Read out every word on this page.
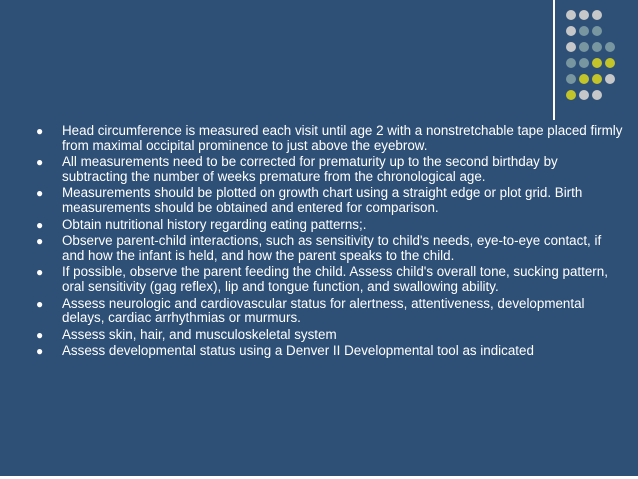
● Head circumference is measured each visit until age 2 with a nonstretchable tape placed firmly from maximal occipital prominence to just above the eyebrow.
● All measurements need to be corrected for prematurity up to the second birthday by subtracting the number of weeks premature from the chronological age.
● Measurements should be plotted on growth chart using a straight edge or plot grid. Birth measurements should be obtained and entered for comparison.
● Obtain nutritional history regarding eating patterns;.
● Observe parent-child interactions, such as sensitivity to child's needs, eye-to-eye contact, if and how the infant is held, and how the parent speaks to the child.
● If possible, observe the parent feeding the child. Assess child's overall tone, sucking pattern, oral sensitivity (gag reflex), lip and tongue function, and swallowing ability.
● Assess neurologic and cardiovascular status for alertness, attentiveness, developmental delays, cardiac arrhythmias or murmurs.
● Assess skin, hair, and musculoskeletal system
● Assess developmental status using a Denver II Developmental tool as indicated
